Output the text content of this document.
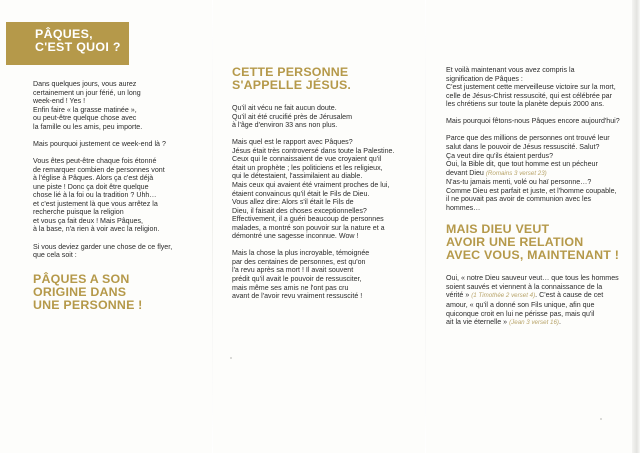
PÂQUES,
C'EST QUOI ?

Dans quelques jours, vous aurez
certainement un jour férié, un long
week-end ! Yes !
Enfin faire « la grasse matinée »,
ou peut-être quelque chose avec
la famille ou les amis, peu importe.

Mais pourquoi justement ce week-end là ?

Vous êtes peut-être chaque fois étonné
de remarquer combien de personnes vont
à l'église à Pâques. Alors ça c'est déjà
une piste ! Donc ça doit être quelque
chose lié à la foi ou la tradition ? Uhh…
et c'est justement là que vous arrêtez la
recherche puisque la religion
et vous ça fait deux ! Mais Pâques,
à la base, n'a rien à voir avec la religion.

Si vous deviez garder une chose de ce flyer,
que cela soit :

PÂQUES A SON
ORIGINE DANS
UNE PERSONNE !
CETTE PERSONNE
S'APPELLE JÉSUS.

Qu'il ait vécu ne fait aucun doute.
Qu'il ait été crucifié près de Jérusalem
à l'âge d'environ 33 ans non plus.

Mais quel est le rapport avec Pâques?
Jésus était très controversé dans toute la Palestine.
Ceux qui le connaissaient de vue croyaient qu'il
était un prophète ; les politiciens et les religieux,
qui le détestaient, l'assimilaient au diable.
Mais ceux qui avaient été vraiment proches de lui,
étaient convaincus qu'il était le Fils de Dieu.
Vous allez dire: Alors s'il était le Fils de
Dieu, il faisait des choses exceptionnelles?
Effectivement, il a guéri beaucoup de personnes
malades, a montré son pouvoir sur la nature et a
démontré une sagesse inconnue. Wow !

Mais la chose la plus incroyable, témoignée
par des centaines de personnes, est qu'on
l'a revu après sa mort ! Il avait souvent
prédit qu'il avait le pouvoir de ressusciter,
mais même ses amis ne l'ont pas cru
avant de l'avoir revu vraiment ressuscité !

Et voilà maintenant vous avez compris la
signification de Pâques :
C'est justement cette merveilleuse victoire sur la mort,
celle de Jésus-Christ ressuscité, qui est célébrée par
les chrétiens sur toute la planète depuis 2000 ans.

Mais pourquoi fêtons-nous Pâques encore aujourd'hui?

Parce que des millions de personnes ont trouvé leur
salut dans le pouvoir de Jésus ressuscité. Salut?
Ça veut dire qu'ils étaient perdus?
Oui, la Bible dit, que tout homme est un pécheur
devant Dieu (Romains 3 verset 23)
N'as-tu jamais menti, volé ou haï personne…?
Comme Dieu est parfait et juste, et l'homme coupable,
il ne pouvait pas avoir de communion avec les
hommes…

MAIS DIEU VEUT
AVOIR UNE RELATION
AVEC VOUS, MAINTENANT !

Oui, « notre Dieu sauveur veut… que tous les hommes
soient sauvés et viennent à la connaissance de la
vérité » (1 Timothée 2 verset 4). C'est à cause de cet
amour, « qu'il a donné son Fils unique, afin que
quiconque croit en lui ne périsse pas, mais qu'il
ait la vie éternelle » (Jean 3 verset 16).
